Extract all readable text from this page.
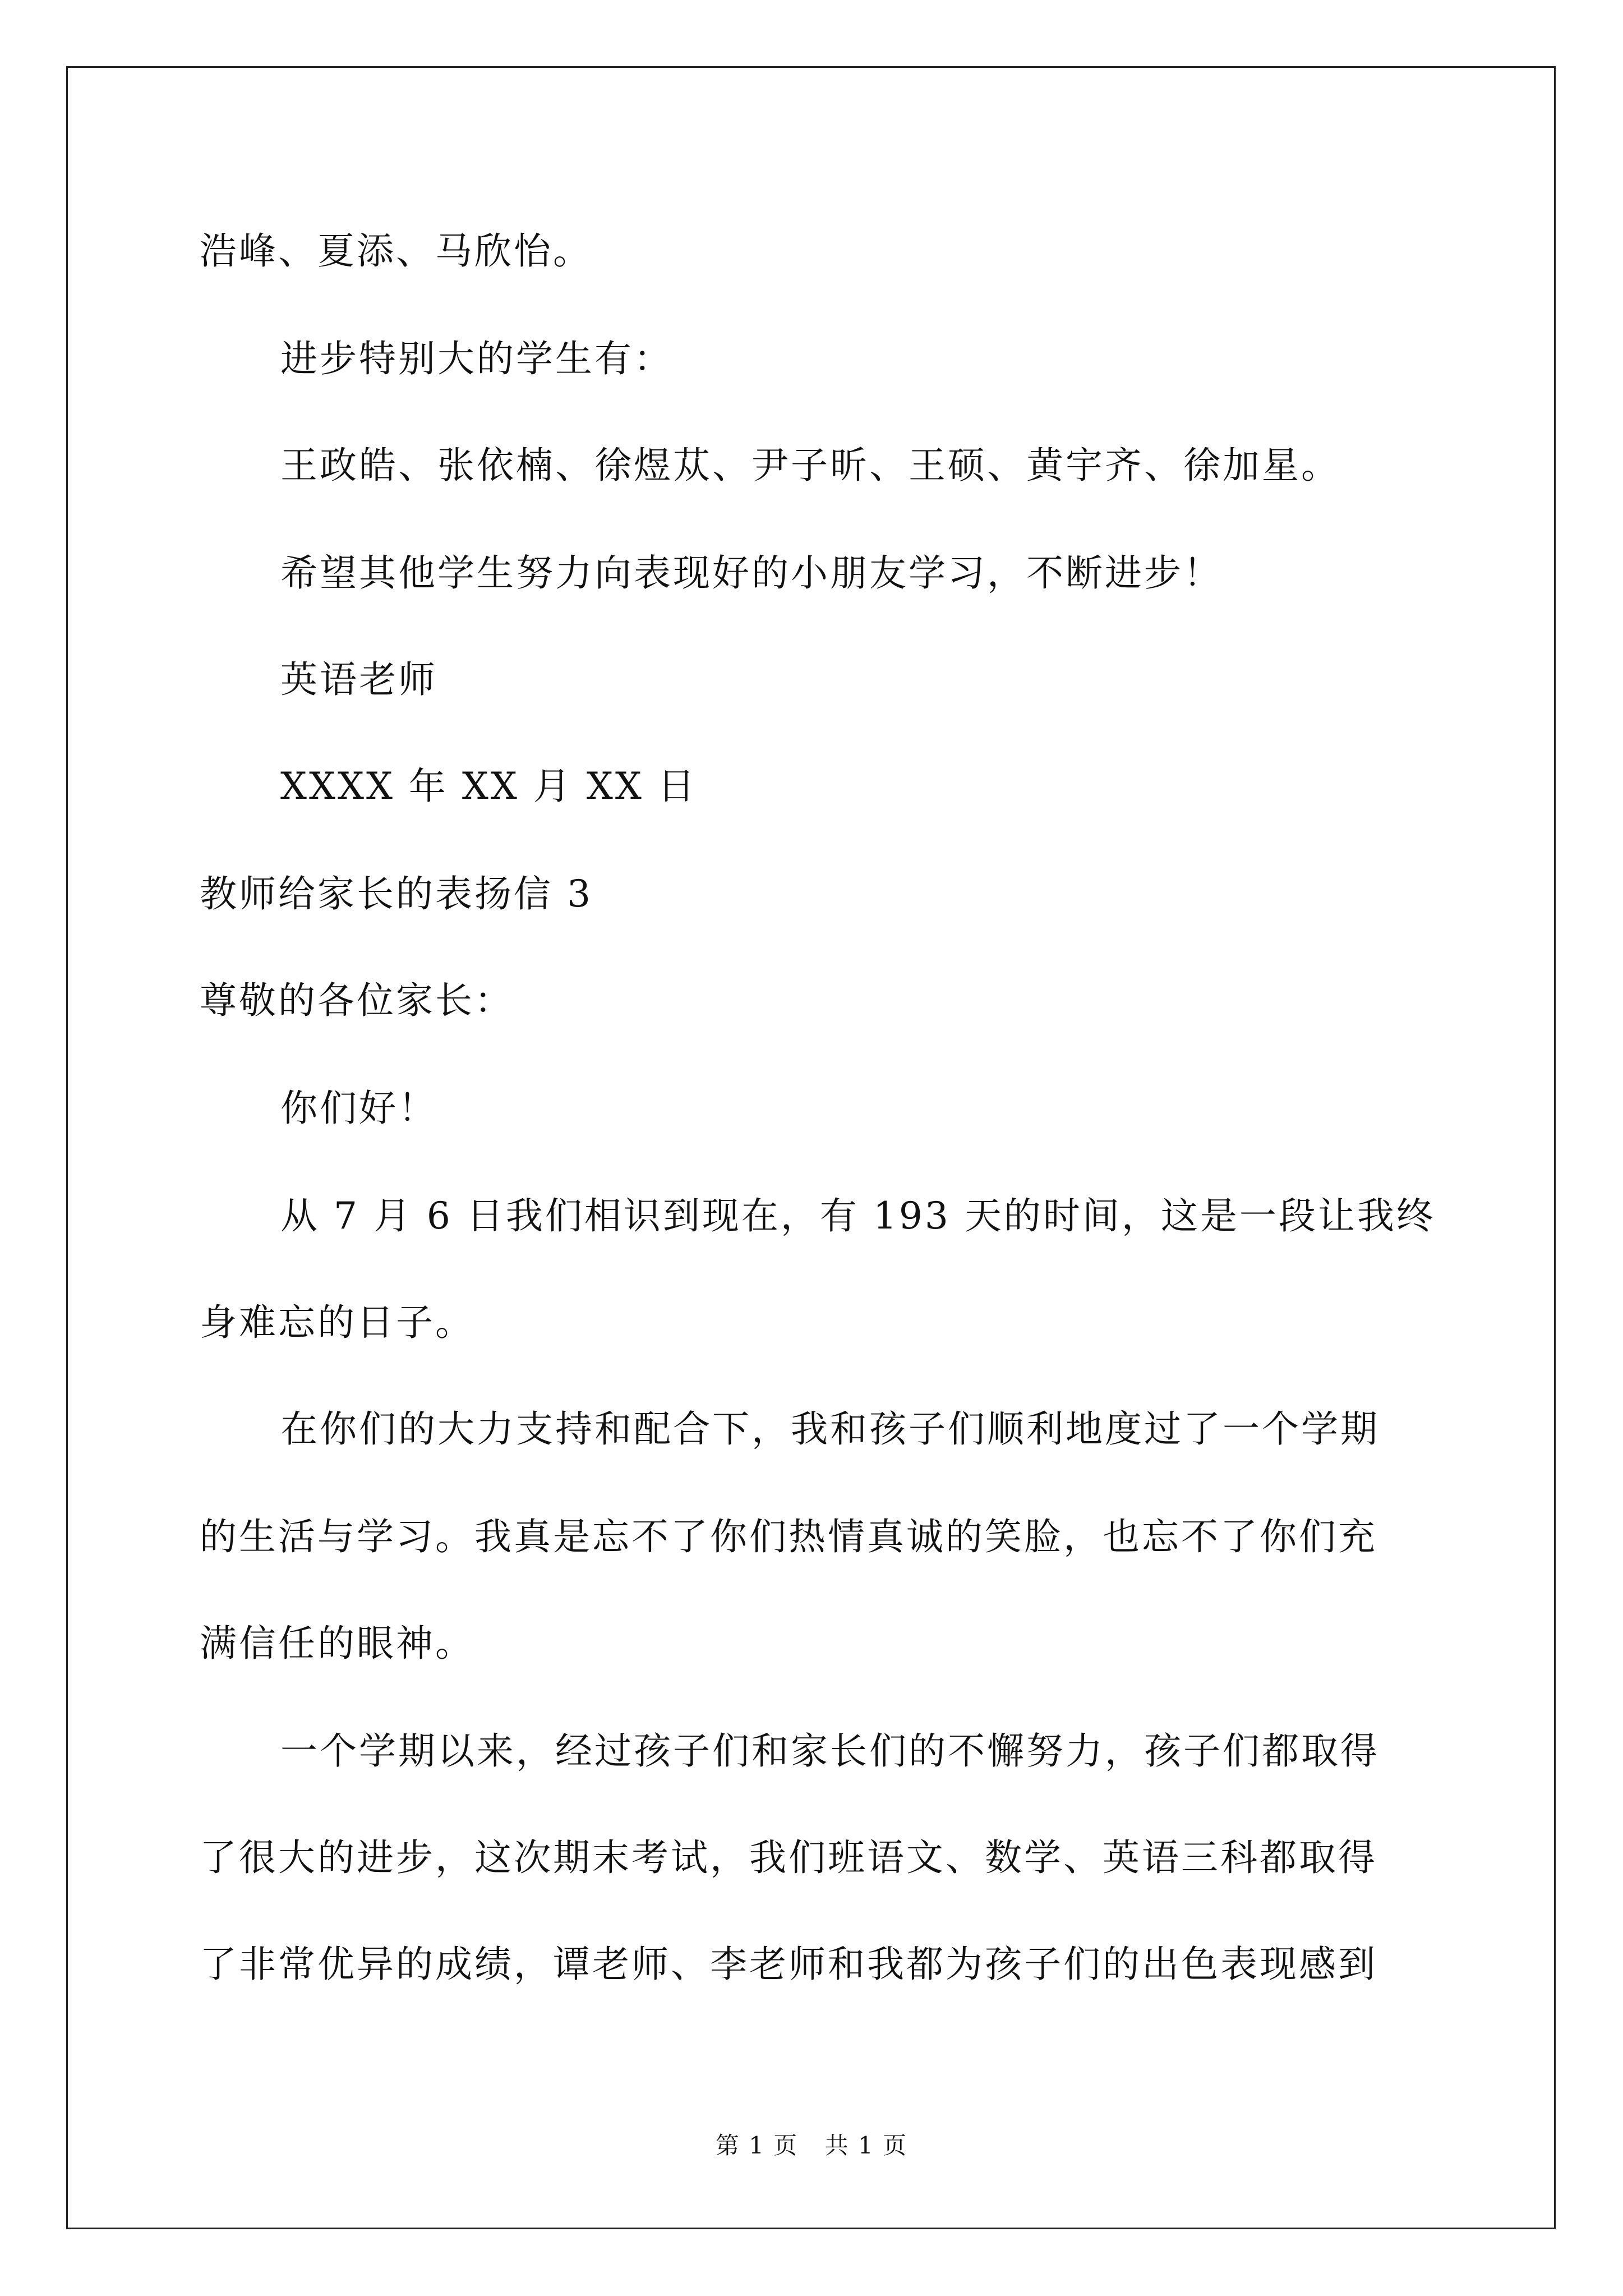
浩峰、夏添、马欣怡。
进步特别大的学生有：
王政皓、张依楠、徐煜苁、尹子昕、王硕、黄宇齐、徐加星。
希望其他学生努力向表现好的小朋友学习，不断进步！
英语老师
XXXX 年 XX 月 XX 日
教师给家长的表扬信 3
尊敬的各位家长：
你们好！
从 7 月 6 日我们相识到现在，有 193 天的时间，这是一段让我终
身难忘的日子。
在你们的大力支持和配合下，我和孩子们顺利地度过了一个学期
的生活与学习。我真是忘不了你们热情真诚的笑脸，也忘不了你们充
满信任的眼神。
一个学期以来，经过孩子们和家长们的不懈努力，孩子们都取得
了很大的进步，这次期末考试，我们班语文、数学、英语三科都取得
了非常优异的成绩，谭老师、李老师和我都为孩子们的出色表现感到
第 1 页 共 1 页
